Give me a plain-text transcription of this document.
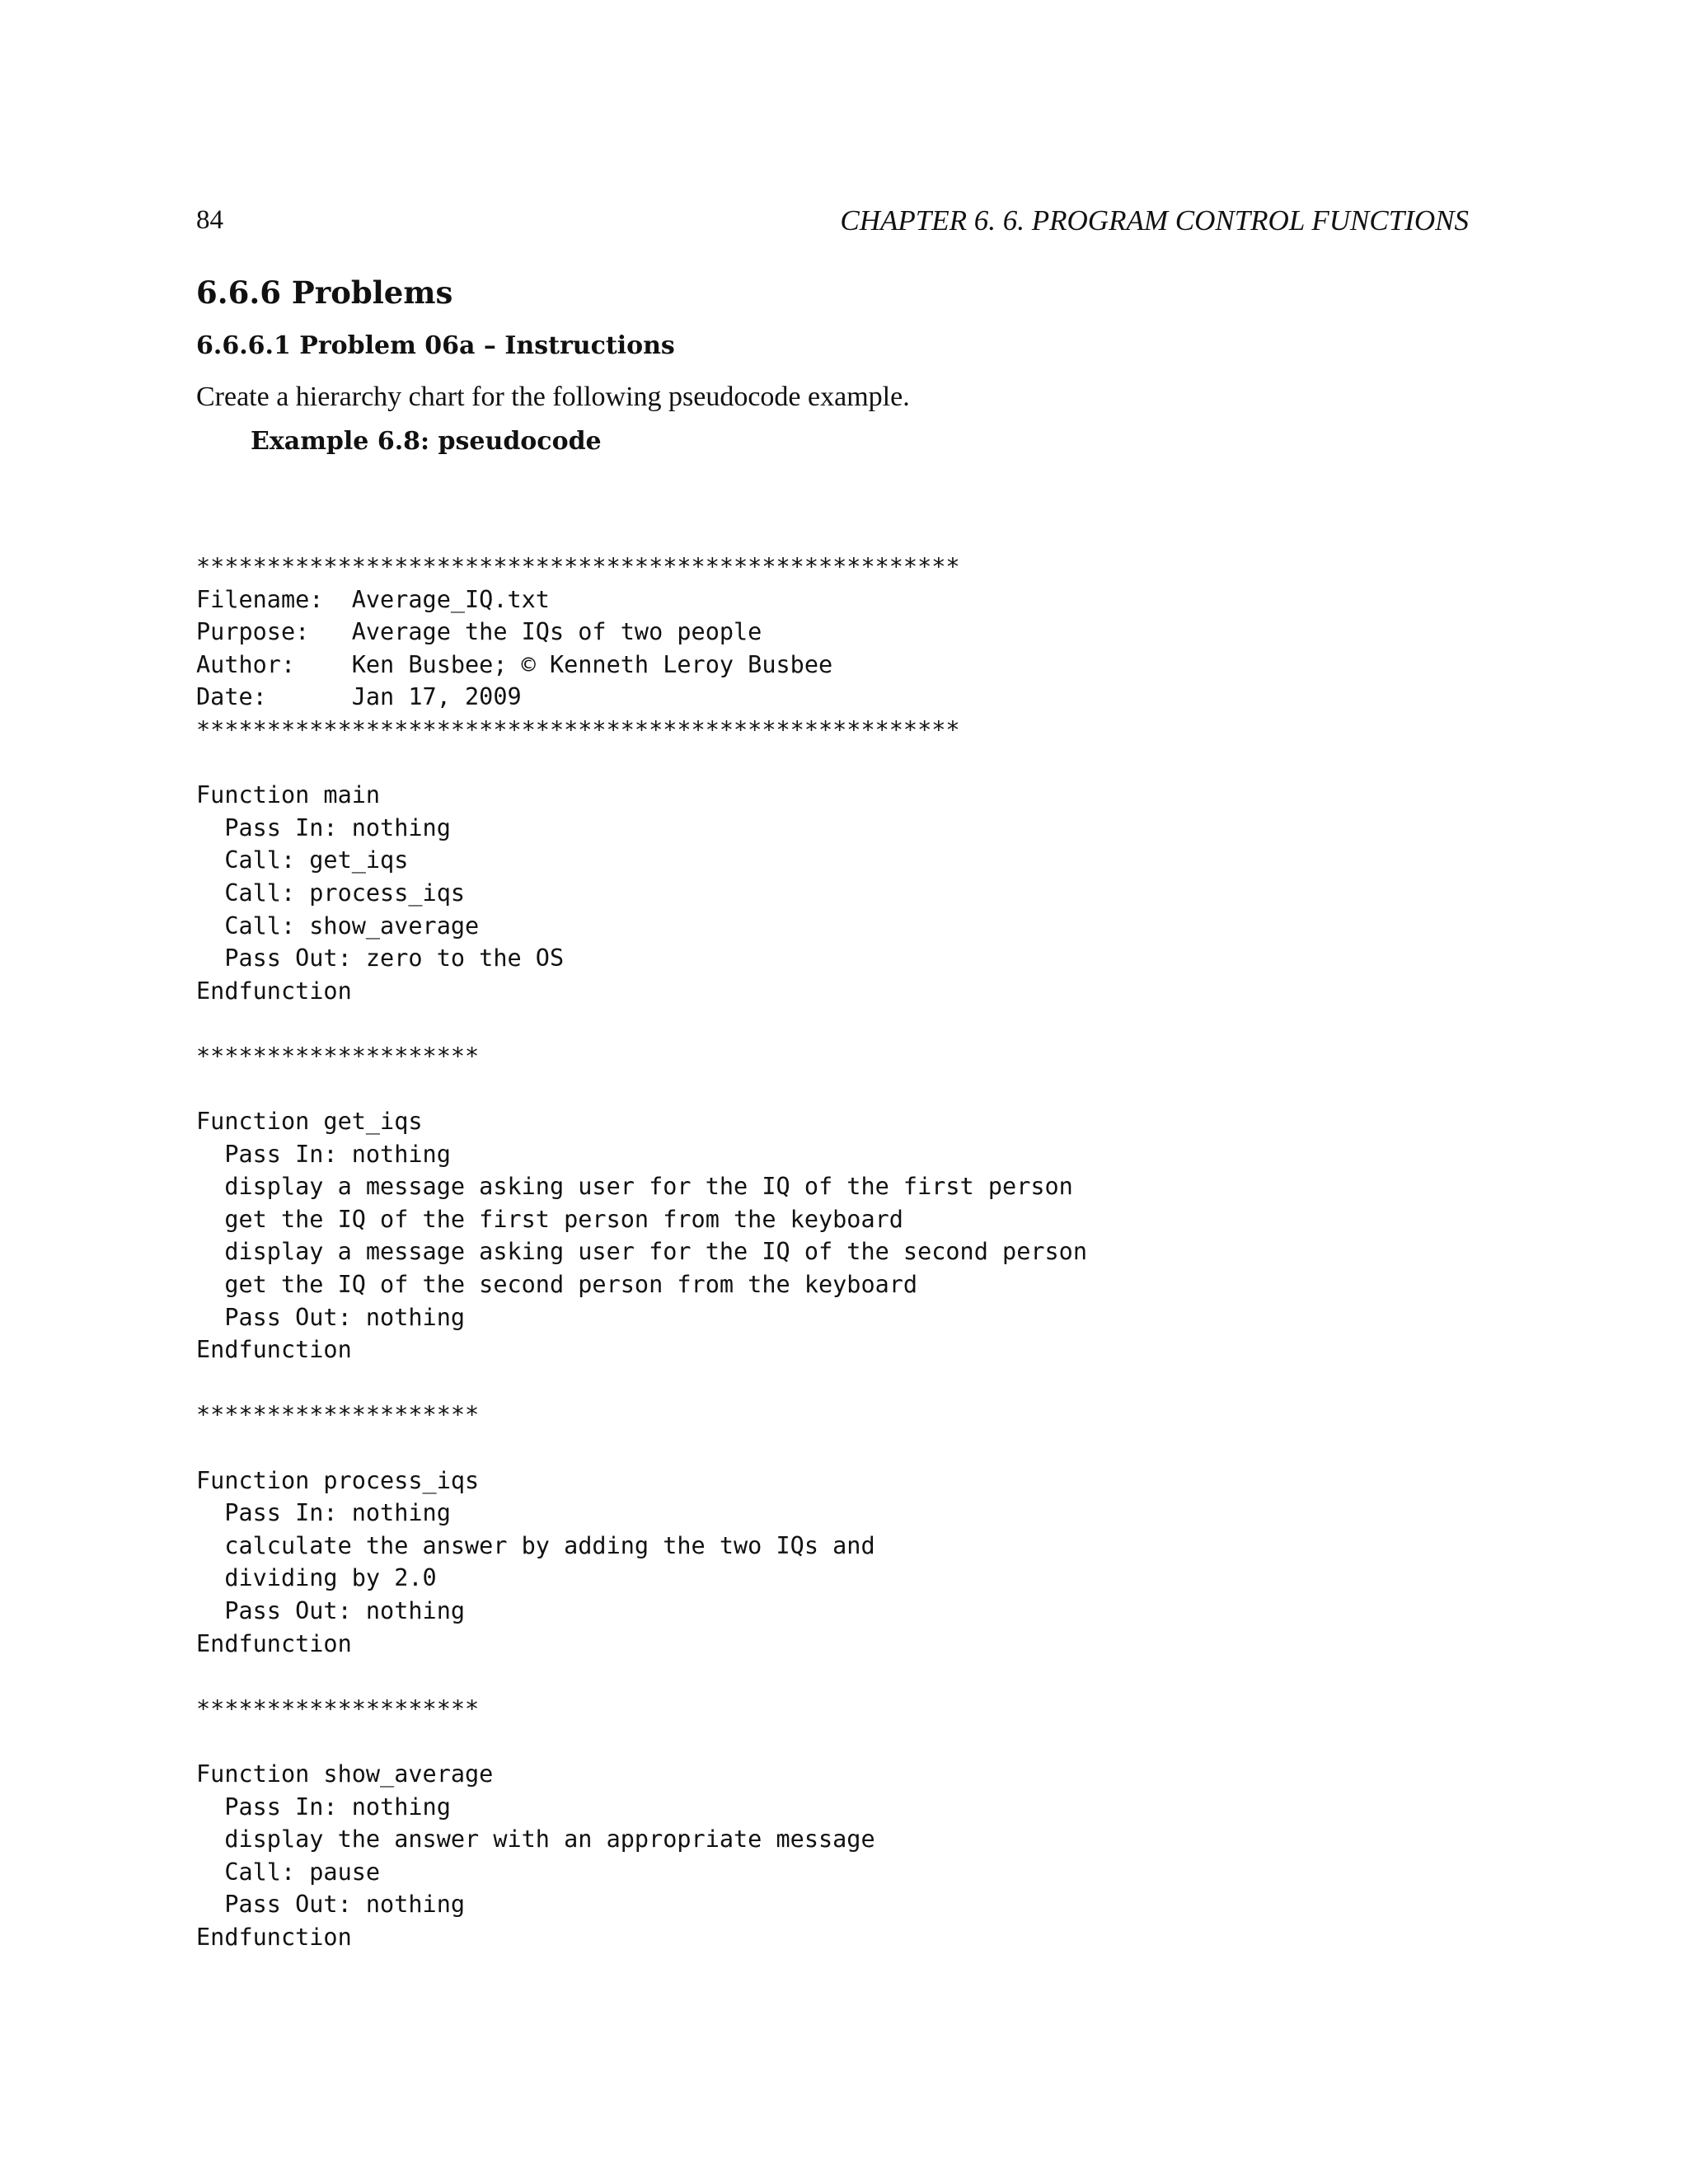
84	CHAPTER 6. 6. PROGRAM CONTROL FUNCTIONS
6.6.6 Problems
6.6.6.1 Problem 06a – Instructions

Create a hierarchy chart for the following pseudocode example.

Example 6.8: pseudocode

******************************************************
Filename:  Average_IQ.txt
Purpose:   Average the IQs of two people
Author:    Ken Busbee; © Kenneth Leroy Busbee
Date:      Jan 17, 2009
******************************************************

Function main
Pass In: nothing
Call: get_iqs
Call: process_iqs
Call: show_average
Pass Out: zero to the OS
Endfunction

********************

Function get_iqs
Pass In: nothing
display a message asking user for the IQ of the first person
get the IQ of the first person from the keyboard
display a message asking user for the IQ of the second person
get the IQ of the second person from the keyboard
Pass Out: nothing
Endfunction

********************

Function process_iqs
Pass In: nothing
calculate the answer by adding the two IQs and
dividing by 2.0
Pass Out: nothing
Endfunction

********************

Function show_average
Pass In: nothing
display the answer with an appropriate message
Call: pause
Pass Out: nothing
Endfunction
